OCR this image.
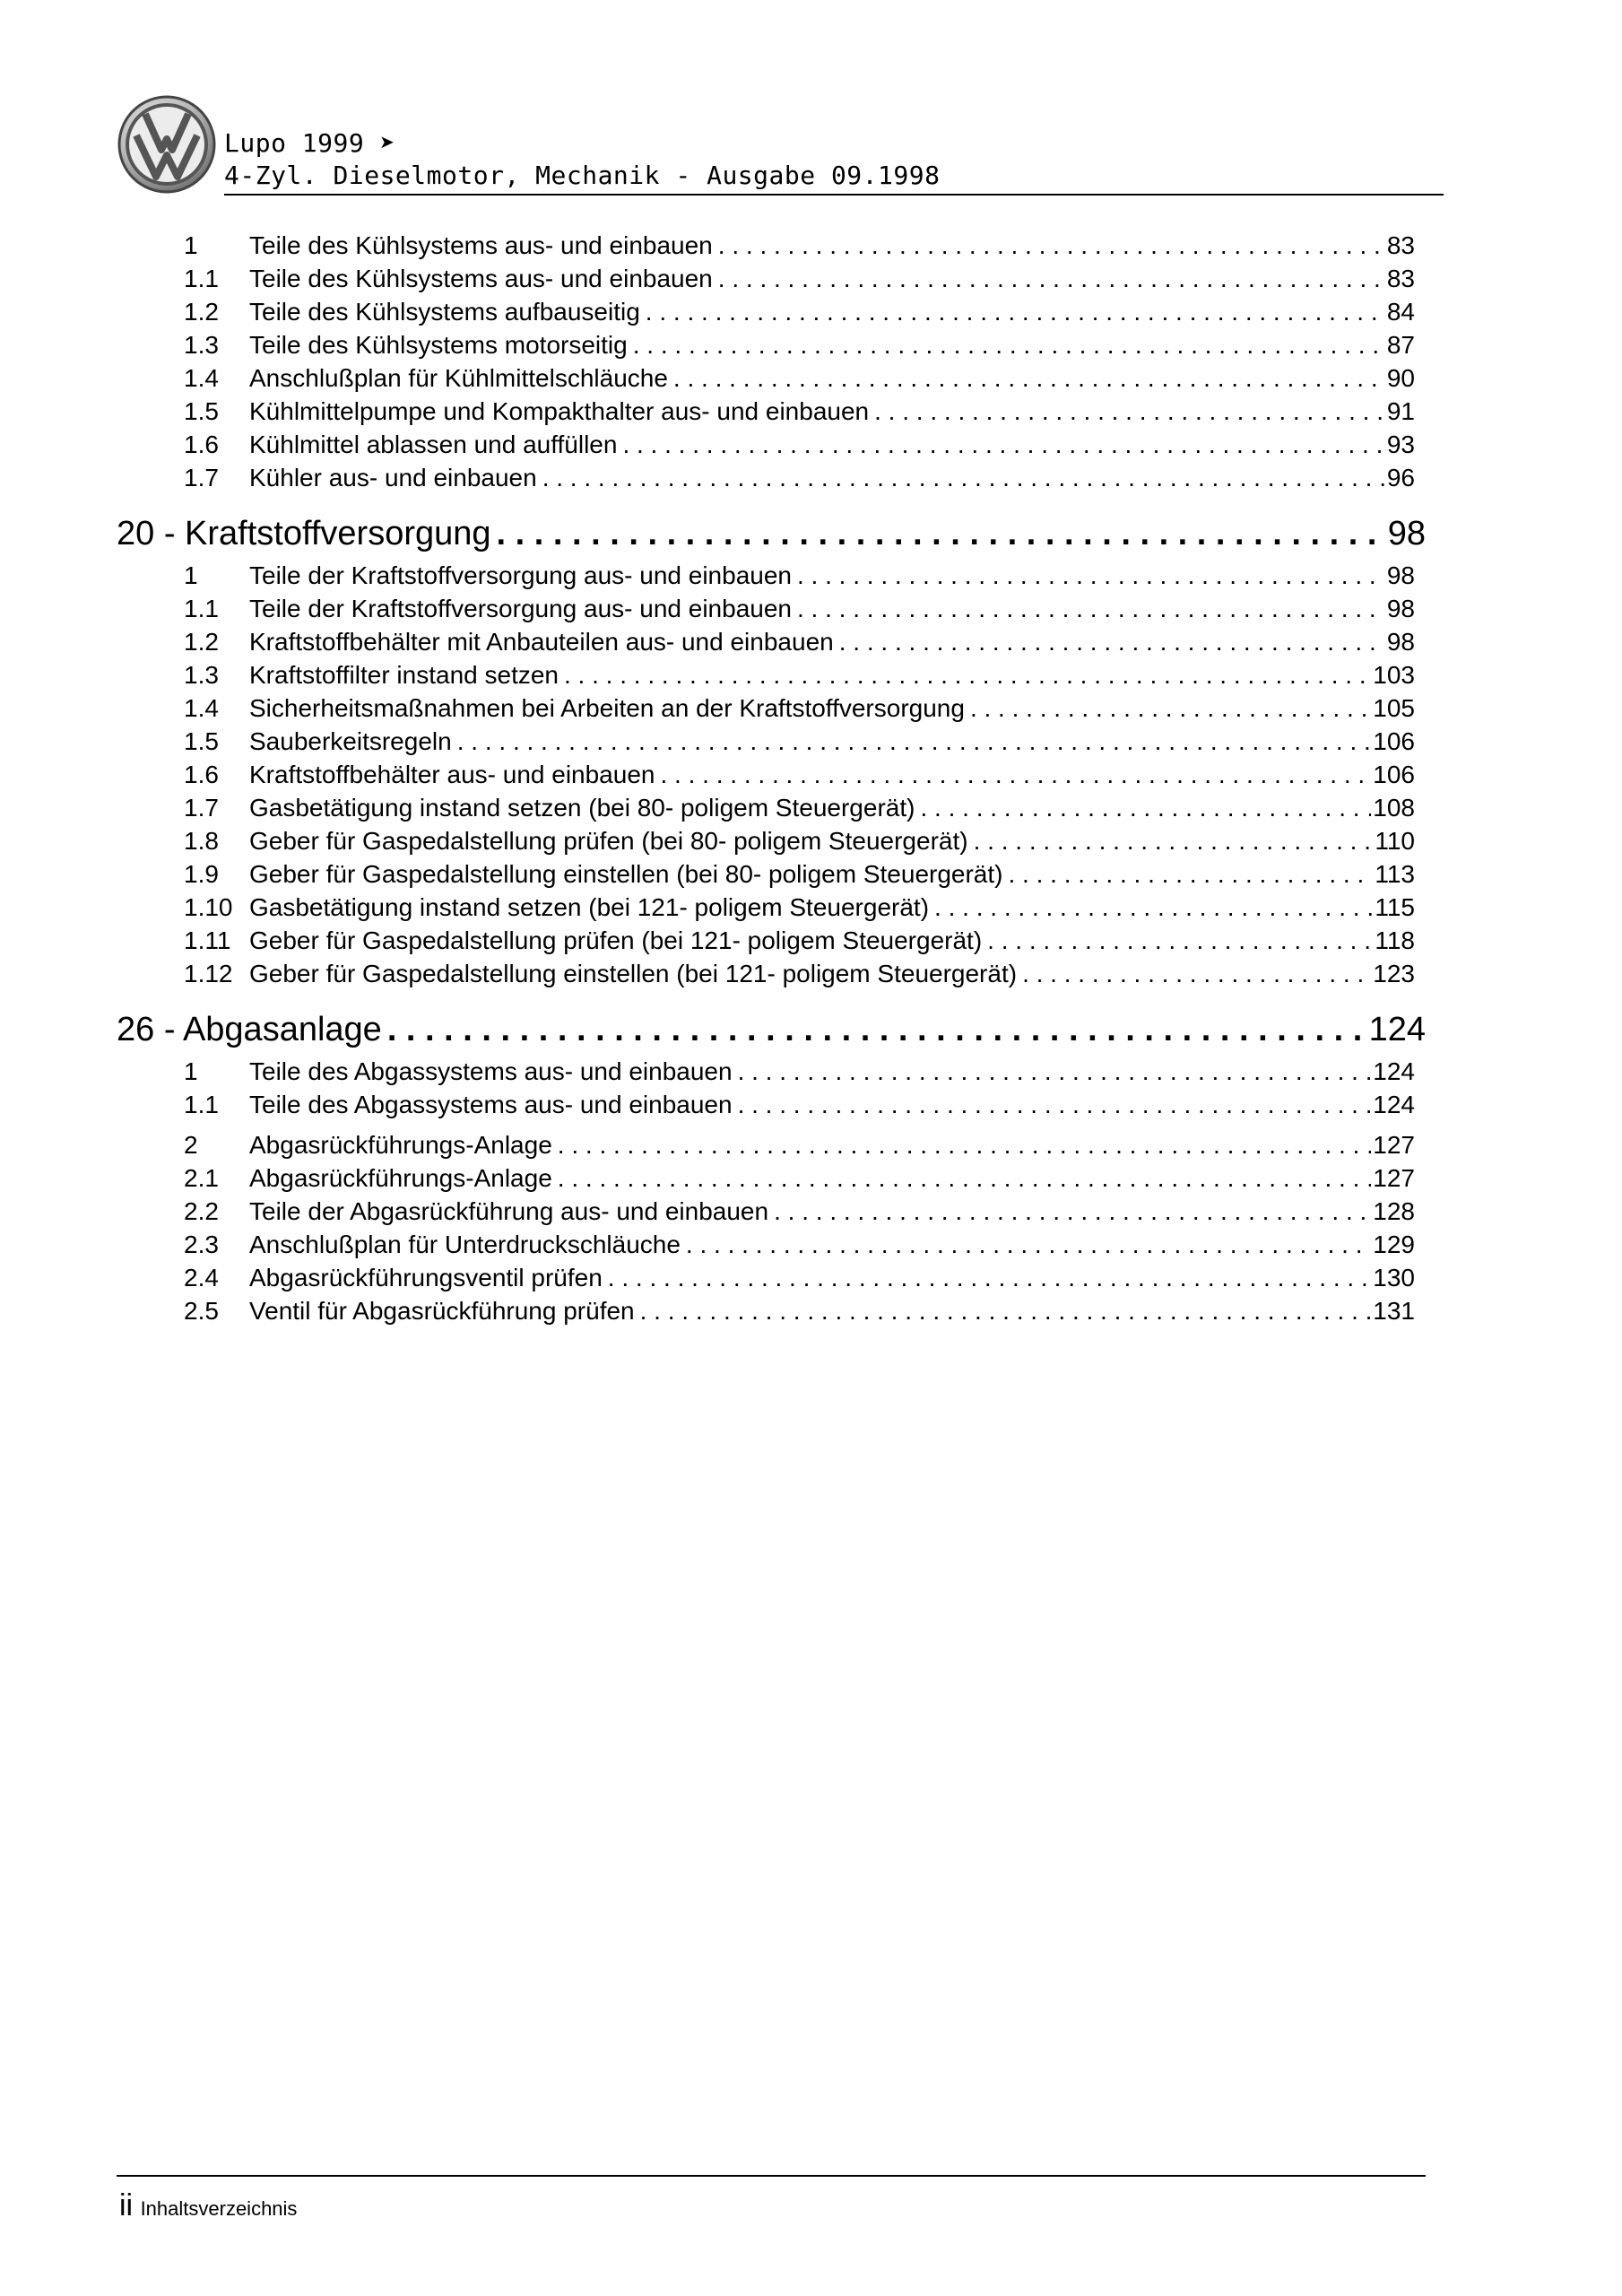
Lupo 1999 ➤
4-Zyl. Dieselmotor, Mechanik - Ausgabe 09.1998
1	Teile des Kühlsystems aus- und einbauen . . .	83
1.1	Teile des Kühlsystems aus- und einbauen . . .	83
1.2	Teile des Kühlsystems aufbauseitig . . .	84
1.3	Teile des Kühlsystems motorseitig . . .	87
1.4	Anschlußplan für Kühlmittelschläuche . . .	90
1.5	Kühlmittelpumpe und Kompakthalter aus- und einbauen . . .	91
1.6	Kühlmittel ablassen und auffüllen . . .	93
1.7	Kühler aus- und einbauen . . .	96
20 - Kraftstoffversorgung . . .	98
1	Teile der Kraftstoffversorgung aus- und einbauen . . .	98
1.1	Teile der Kraftstoffversorgung aus- und einbauen . . .	98
1.2	Kraftstoffbehälter mit Anbauteilen aus- und einbauen . . .	98
1.3	Kraftstoffilter instand setzen . . .	103
1.4	Sicherheitsmaßnahmen bei Arbeiten an der Kraftstoffversorgung . . .	105
1.5	Sauberkeitsregeln . . .	106
1.6	Kraftstoffbehälter aus- und einbauen . . .	106
1.7	Gasbetätigung instand setzen (bei 80- poligem Steuergerät) . . .	108
1.8	Geber für Gaspedalstellung prüfen (bei 80- poligem Steuergerät) . . .	110
1.9	Geber für Gaspedalstellung einstellen (bei 80- poligem Steuergerät) . . .	113
1.10 Gasbetätigung instand setzen (bei 121- poligem Steuergerät) . . .	115
1.11 Geber für Gaspedalstellung prüfen (bei 121- poligem Steuergerät) . . .	118
1.12 Geber für Gaspedalstellung einstellen (bei 121- poligem Steuergerät) . . .	123
26 - Abgasanlage . . .	124
1	Teile des Abgassystems aus- und einbauen . . .	124
1.1	Teile des Abgassystems aus- und einbauen . . .	124
2	Abgasrückführungs-Anlage . . .	127
2.1	Abgasrückführungs-Anlage . . .	127
2.2	Teile der Abgasrückführung aus- und einbauen . . .	128
2.3	Anschlußplan für Unterdruckschläuche . . .	129
2.4	Abgasrückführungsventil prüfen . . .	130
2.5	Ventil für Abgasrückführung prüfen . . .	131
ii Inhaltsverzeichnis
